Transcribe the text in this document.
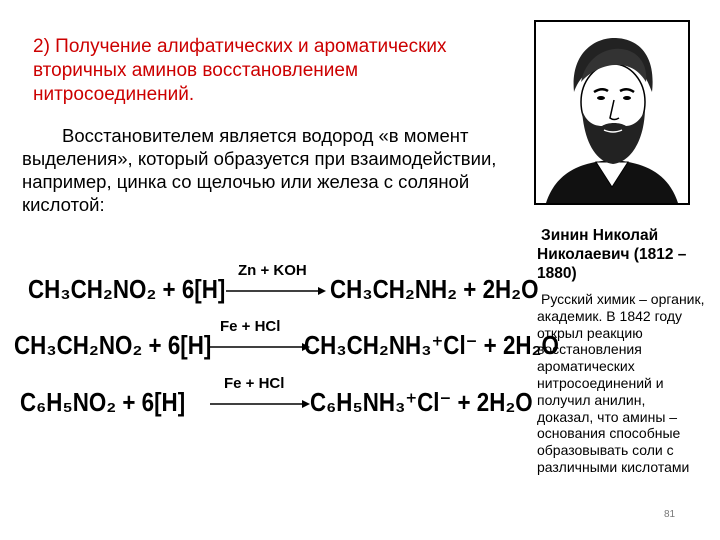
2) Получение алифатических и ароматических вторичных аминов восстановлением нитросоединений.
Восстановителем является водород «в момент выделения», который образуется при взаимодействии, например, цинка со щелочью или железа с соляной кислотой:
CH₃CH₂NO₂ + 6[H]
Zn + KOH
CH₃CH₂NH₂ + 2H₂O
CH₃CH₂NO₂ + 6[H]
Fe + HCl
CH₃CH₂NH₃⁺Cl⁻ + 2H₂O
C₆H₅NO₂ + 6[H]
Fe + HCl
C₆H₅NH₃⁺Cl⁻ + 2H₂O
Зинин Николай Николаевич (1812 – 1880)
Русский химик – органик, академик. В 1842 году открыл реакцию восстановления ароматических нитросоединений и получил анилин, доказал, что амины – основания способные образовывать соли с различными кислотами
81
